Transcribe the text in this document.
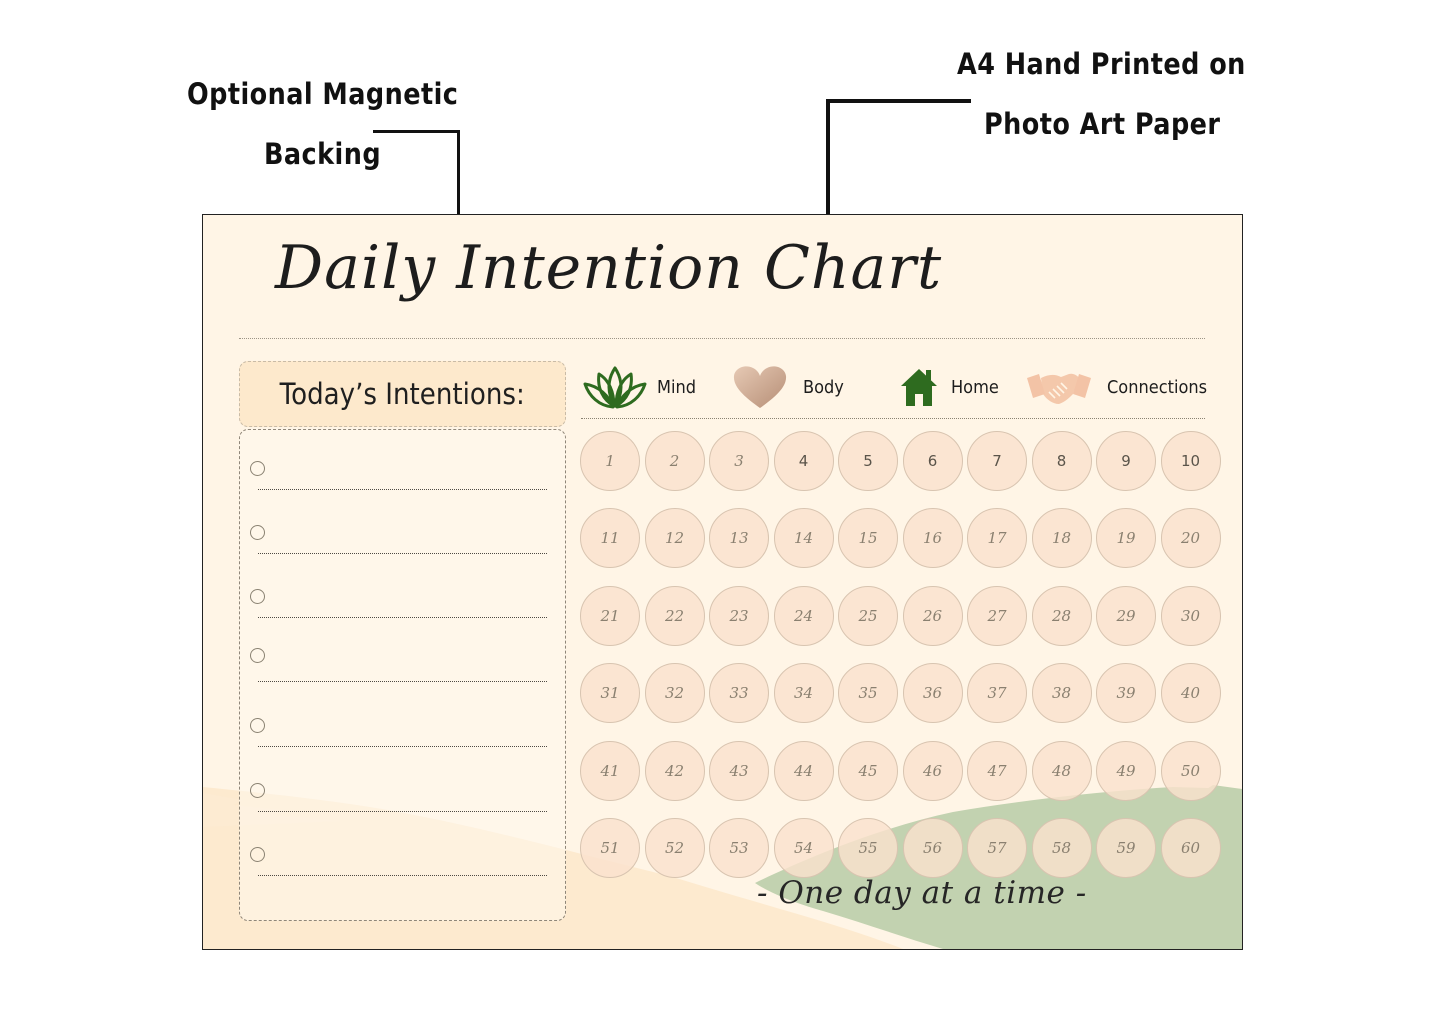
Optional Magnetic
Backing
A4 Hand Printed on
Photo Art Paper
Daily Intention Chart
Today’s Intentions:	Mind	Body	Home	Connections
1	2	3	4	5	6	7	8	9	10
11	12	13	14	15	16	17	18	19	20
21	22	23	24	25	26	27	28	29	30
31	32	33	34	35	36	37	38	39	40
41	42	43	44	45	46	47	48	49	50
51	52	53	54	55	56	57	58	59	60
- One day at a time -
